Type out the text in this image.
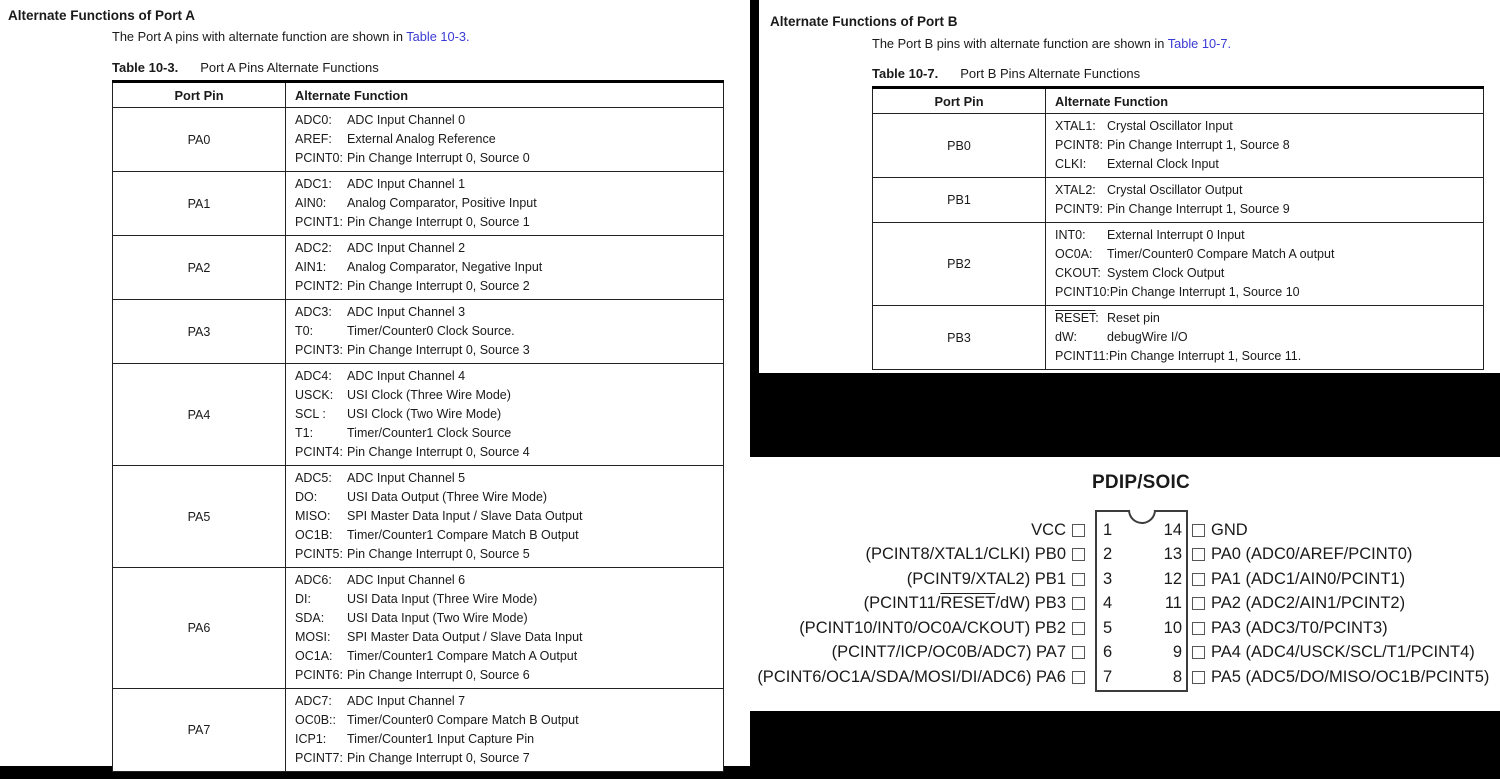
Alternate Functions of Port A
The Port A pins with alternate function are shown in Table 10-3.
Table 10-3. Port A Pins Alternate Functions
Port Pin	Alternate Function
PA0	
ADC0:	ADC Input Channel 0
AREF:	External Analog Reference
PCINT0: Pin Change Interrupt 0, Source 0

PA1	
ADC1:	ADC Input Channel 1
AIN0:	Analog Comparator, Positive Input
PCINT1: Pin Change Interrupt 0, Source 1

PA2	
ADC2:	ADC Input Channel 2
AIN1:	Analog Comparator, Negative Input
PCINT2: Pin Change Interrupt 0, Source 2

PA3	
ADC3:	ADC Input Channel 3
T0:	Timer/Counter0 Clock Source.
PCINT3: Pin Change Interrupt 0, Source 3

PA4	
ADC4:	ADC Input Channel 4
USCK:	USI Clock (Three Wire Mode)
SCL :	USI Clock (Two Wire Mode)
T1:	Timer/Counter1 Clock Source
PCINT4: Pin Change Interrupt 0, Source 4

PA5	
ADC5:	ADC Input Channel 5
DO:	USI Data Output (Three Wire Mode)
MISO:	SPI Master Data Input / Slave Data Output
OC1B:	Timer/Counter1 Compare Match B Output
PCINT5: Pin Change Interrupt 0, Source 5

PA6	
ADC6:	ADC Input Channel 6
DI:	USI Data Input (Three Wire Mode)
SDA:	USI Data Input (Two Wire Mode)
MOSI:	SPI Master Data Output / Slave Data Input
OC1A:	Timer/Counter1 Compare Match A Output
PCINT6: Pin Change Interrupt 0, Source 6

PA7	
ADC7:	ADC Input Channel 7
OC0B:: Timer/Counter0 Compare Match B Output
ICP1:	Timer/Counter1 Input Capture Pin
PCINT7: Pin Change Interrupt 0, Source 7
Alternate Functions of Port B
The Port B pins with alternate function are shown in Table 10-7.
Table 10-7. Port B Pins Alternate Functions
Port Pin	Alternate Function
PB0	
XTAL1: Crystal Oscillator Input
PCINT8: Pin Change Interrupt 1, Source 8
CLKI:	External Clock Input

PB1	XTAL2: Crystal Oscillator Output
PCINT9: Pin Change Interrupt 1, Source 9

PB2	
INT0:	External Interrupt 0 Input
OC0A:	Timer/Counter0 Compare Match A output
CKOUT: System Clock Output
PCINT10: Pin Change Interrupt 1, Source 10

PB3	
RESET: Reset pin
dW:	debugWire I/O
PCINT11: Pin Change Interrupt 1, Source 11.
PDIP/SOIC
VCC 1	14 GND
(PCINT8/XTAL1/CLKI) PB0 2	13 PA0 (ADC0/AREF/PCINT0)
(PCINT9/XTAL2) PB1 3	12 PA1 (ADC1/AIN0/PCINT1)
(PCINT11/RESET/dW) PB3 4	11 PA2 (ADC2/AIN1/PCINT2)
(PCINT10/INT0/OC0A/CKOUT) PB2 5	10 PA3 (ADC3/T0/PCINT3)
(PCINT7/ICP/OC0B/ADC7) PA7 6	9 PA4 (ADC4/USCK/SCL/T1/PCINT4)
(PCINT6/OC1A/SDA/MOSI/DI/ADC6) PA6 7	8 PA5 (ADC5/DO/MISO/OC1B/PCINT5)
